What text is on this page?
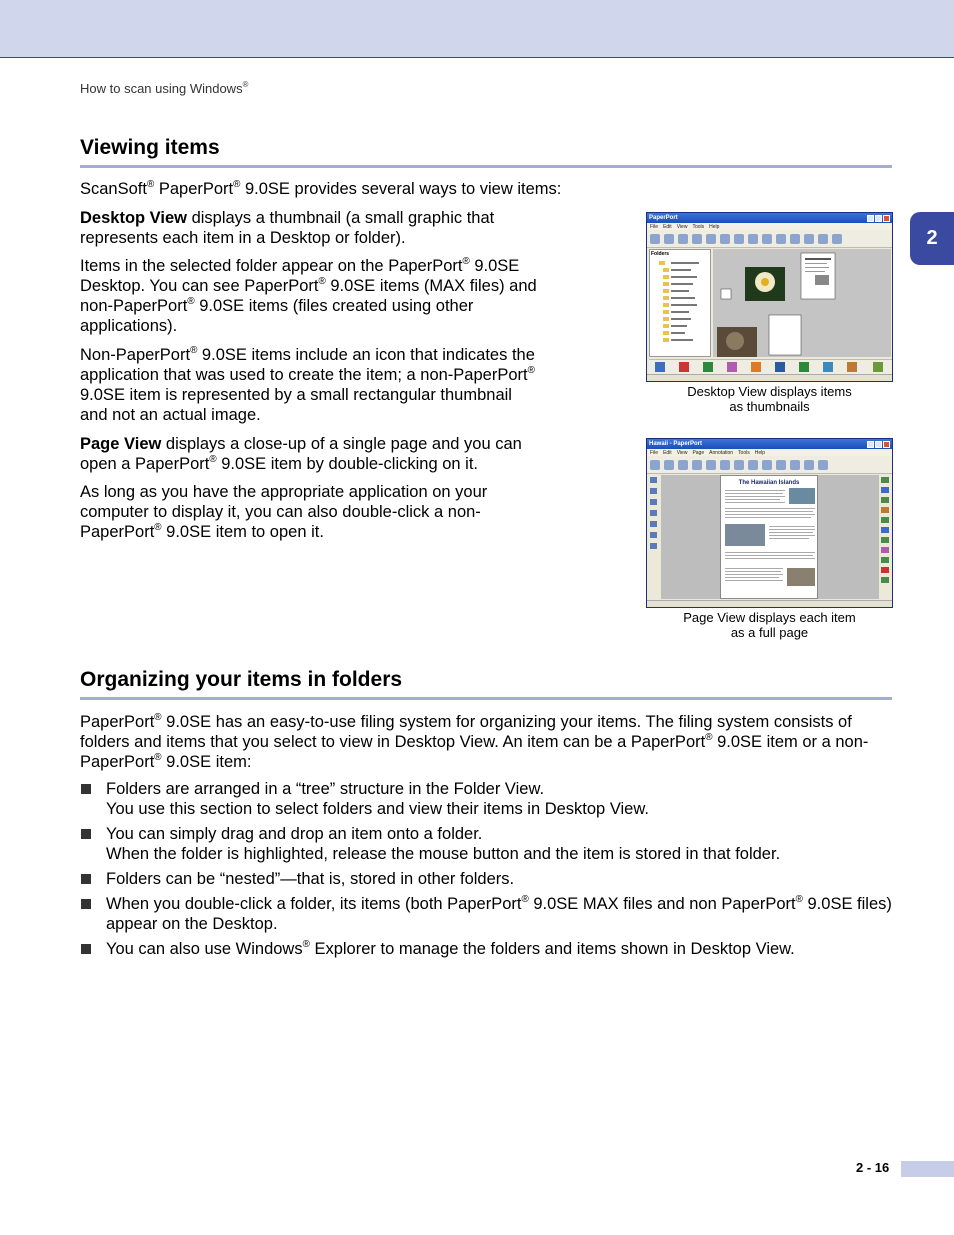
How to scan using Windows®
2
Viewing items

ScanSoft® PaperPort® 9.0SE provides several ways to view items:

Desktop View displays a thumbnail (a small graphic that represents each item in a Desktop or folder).

Items in the selected folder appear on the PaperPort® 9.0SE Desktop. You can see PaperPort® 9.0SE items (MAX files) and non-PaperPort® 9.0SE items (files created using other applications).

Non-PaperPort® 9.0SE items include an icon that indicates the application that was used to create the item; a non-PaperPort® 9.0SE item is represented by a small rectangular thumbnail and not an actual image.

Page View displays a close-up of a single page and you can open a PaperPort® 9.0SE item by double-clicking on it.

As long as you have the appropriate application on your computer to display it, you can also double-click a non-PaperPort® 9.0SE item to open it.

PaperPort
File Edit View Tools Help
Folders
Desktop View displays items
as thumbnails
Hawaii - PaperPort
File Edit View Page Annotation Tools Help
The Hawaiian Islands
Page View displays each item
as a full page
Organizing your items in folders

PaperPort® 9.0SE has an easy-to-use filing system for organizing your items. The filing system consists of folders and items that you select to view in Desktop View. An item can be a PaperPort® 9.0SE item or a non-PaperPort® 9.0SE item:

Folders are arranged in a “tree” structure in the Folder View.
You use this section to select folders and view their items in Desktop View.
You can simply drag and drop an item onto a folder.
When the folder is highlighted, release the mouse button and the item is stored in that folder.
Folders can be “nested”—that is, stored in other folders.
When you double-click a folder, its items (both PaperPort® 9.0SE MAX files and non PaperPort® 9.0SE files) appear on the Desktop.
You can also use Windows® Explorer to manage the folders and items shown in Desktop View.
2 - 16
